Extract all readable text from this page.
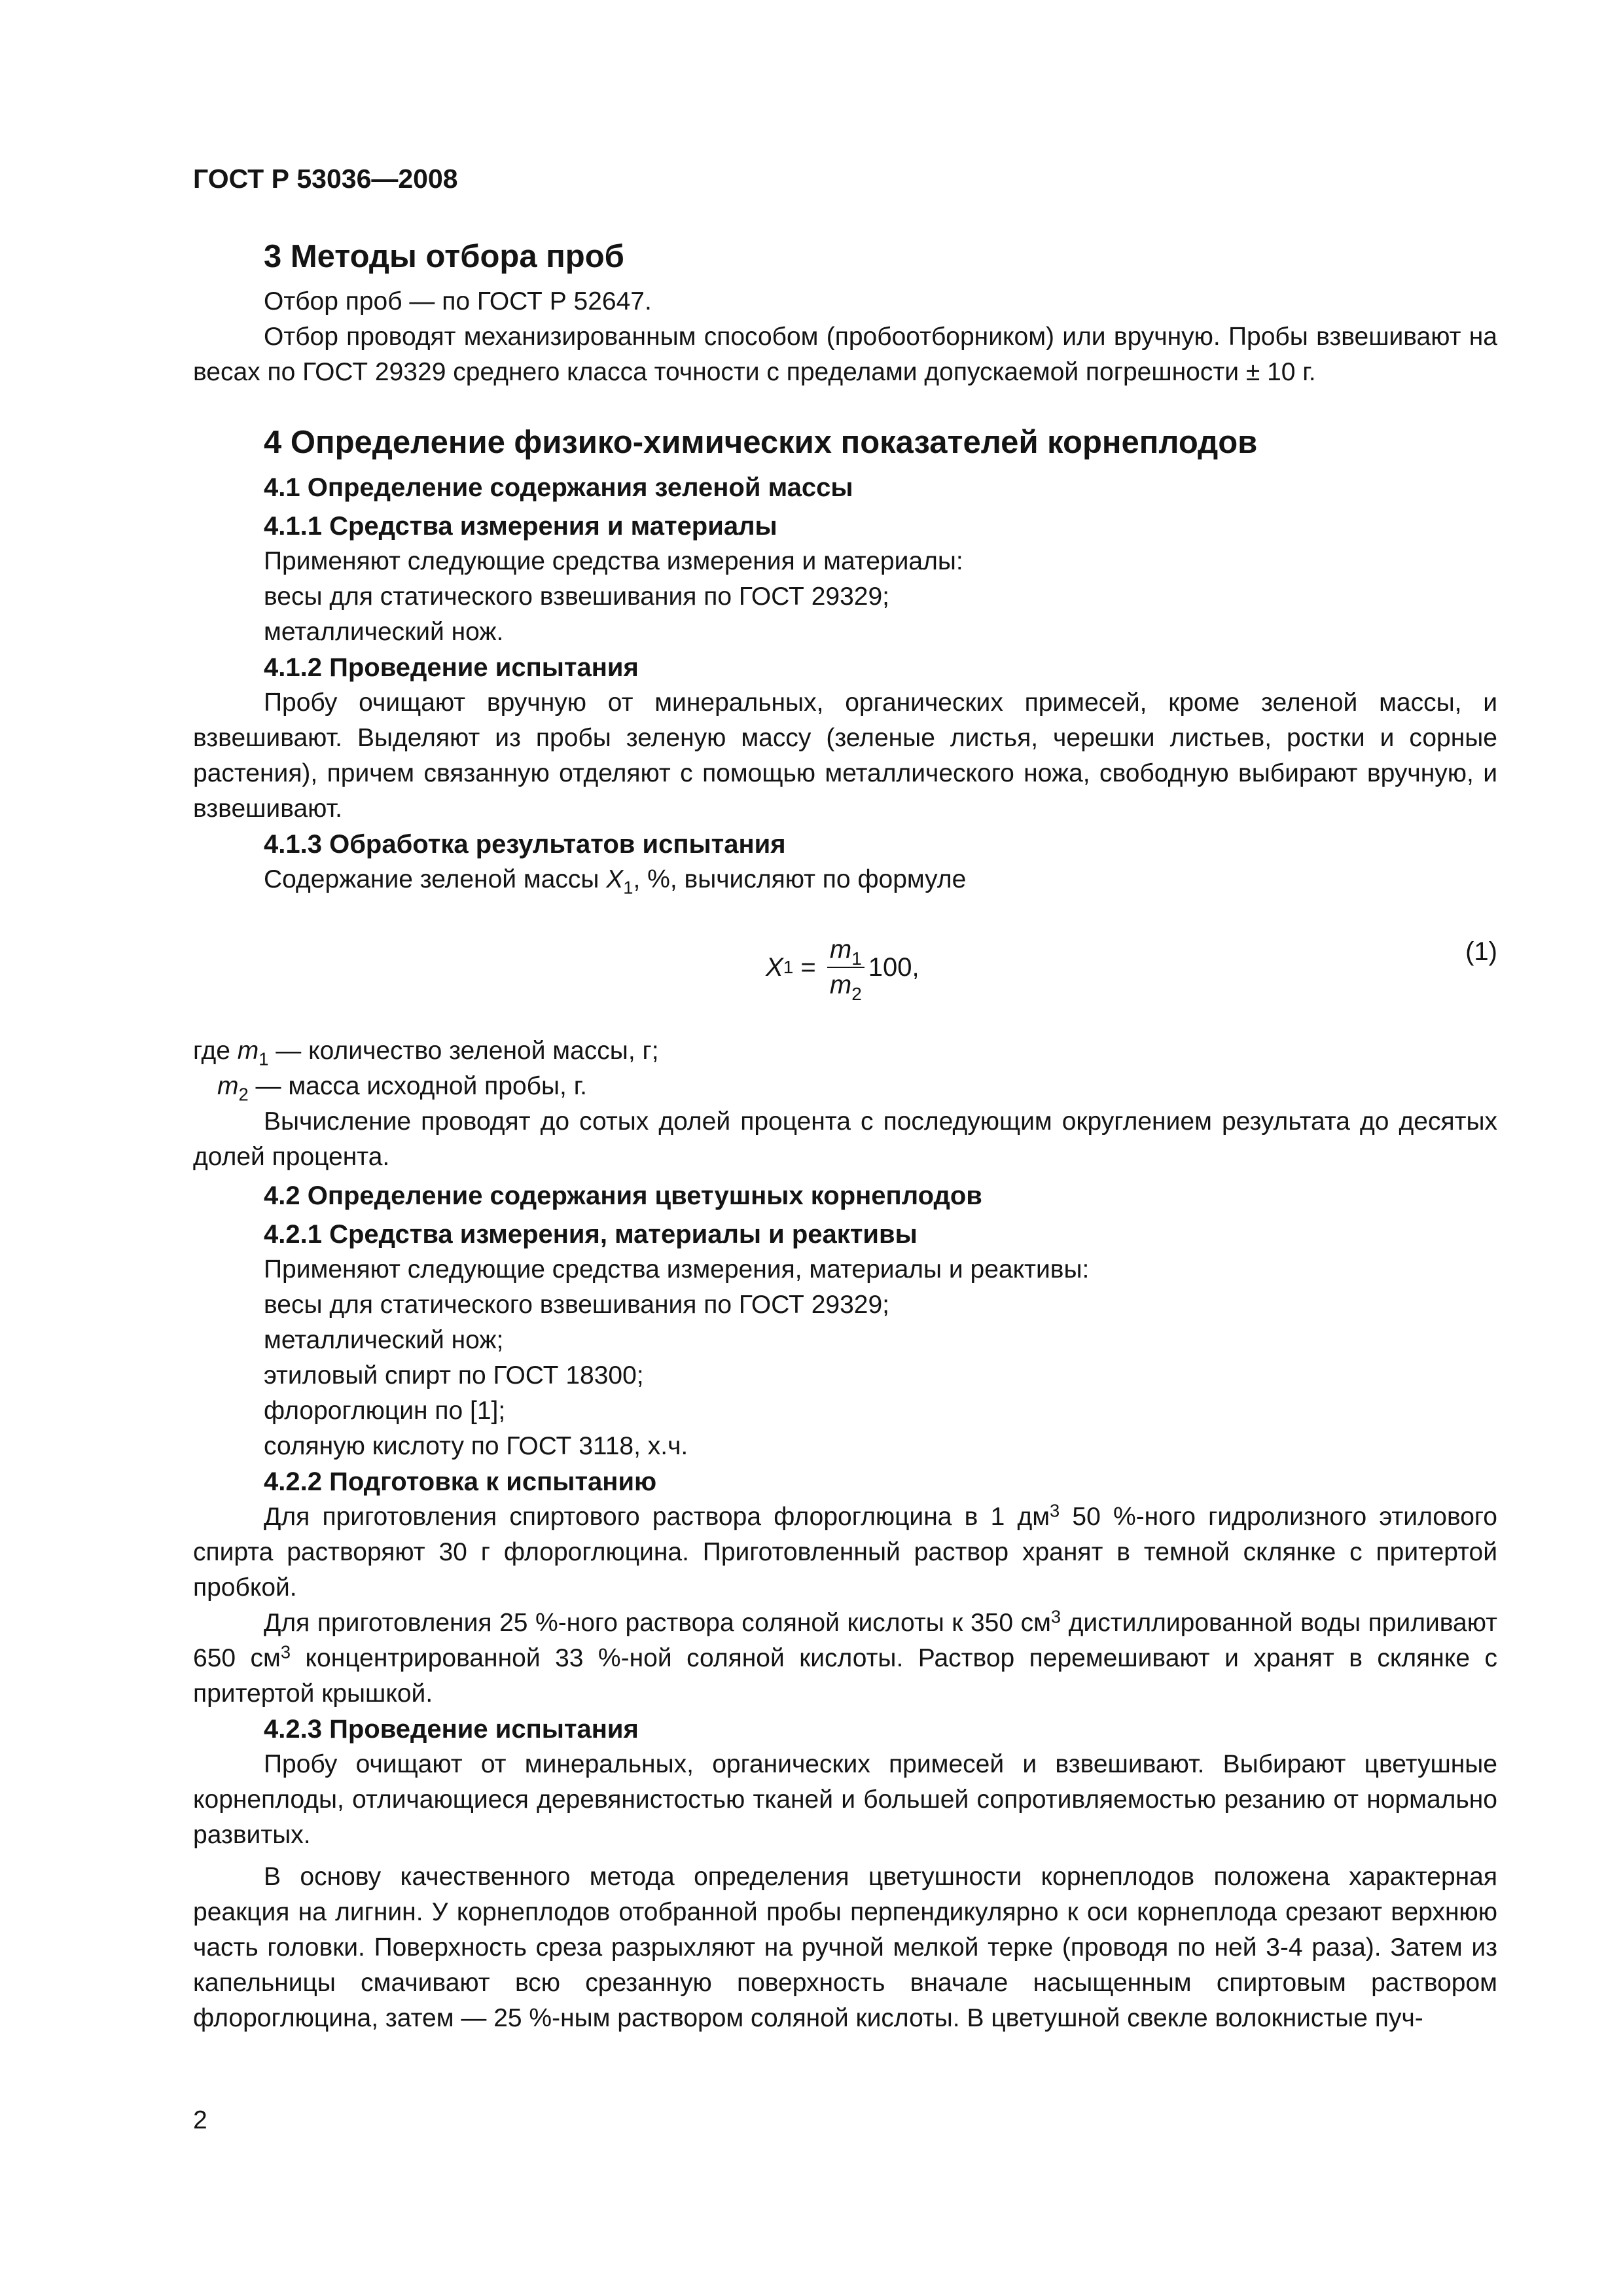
ГОСТ Р 53036—2008

3 Методы отбора проб

Отбор проб — по ГОСТ Р 52647.

Отбор проводят механизированным способом (пробоотборником) или вручную. Пробы взвешивают на весах по ГОСТ 29329 среднего класса точности с пределами допускаемой погрешности ± 10 г.

4 Определение физико-химических показателей корнеплодов

4.1 Определение содержания зеленой массы

4.1.1 Средства измерения и материалы

Применяют следующие средства измерения и материалы:

весы для статического взвешивания по ГОСТ 29329;

металлический нож.

4.1.2 Проведение испытания

Пробу очищают вручную от минеральных, органических примесей, кроме зеленой массы, и взвешивают. Выделяют из пробы зеленую массу (зеленые листья, черешки листьев, ростки и сорные растения), причем связанную отделяют с помощью металлического ножа, свободную выбирают вручную, и взвешивают.

4.1.3 Обработка результатов испытания

Содержание зеленой массы $X_1$, %, вычисляют по формуле

X $1 = \frac{m_1}{m_2} 100$,
(1)

где $m_1$ — количество зеленой массы, г;

$m_2$ — масса исходной пробы, г.

Вычисление проводят до сотых долей процента с последующим округлением результата до десятых долей процента.

4.2 Определение содержания цветушных корнеплодов

4.2.1 Средства измерения, материалы и реактивы

Применяют следующие средства измерения, материалы и реактивы:

весы для статического взвешивания по ГОСТ 29329;

металлический нож;

этиловый спирт по ГОСТ 18300;

флороглюцин по [1];

соляную кислоту по ГОСТ 3118, х.ч.

4.2.2 Подготовка к испытанию

Для приготовления спиртового раствора флороглюцина в 1 $дм^3$ 50 %-ного гидролизного этилового спирта растворяют 30 г флороглюцина. Приготовленный раствор хранят в темной склянке с притертой пробкой.

Для приготовления 25 %-ного раствора соляной кислоты к 350 $см^3$ дистиллированной воды приливают 650 $см^3$ концентрированной 33 %-ной соляной кислоты. Раствор перемешивают и хранят в склянке с притертой крышкой.

4.2.3 Проведение испытания

Пробу очищают от минеральных, органических примесей и взвешивают. Выбирают цветушные корнеплоды, отличающиеся деревянистостью тканей и большей сопротивляемостью резанию от нормально развитых.

В основу качественного метода определения цветушности корнеплодов положена характерная реакция на лигнин. У корнеплодов отобранной пробы перпендикулярно к оси корнеплода срезают верхнюю часть головки. Поверхность среза разрыхляют на ручной мелкой терке (проводя по ней 3-4 раза). Затем из капельницы смачивают всю срезанную поверхность вначале насыщенным спиртовым раствором флороглюцина, затем — 25 %-ным раствором соляной кислоты. В цветушной свекле волокнистые пуч-

2
